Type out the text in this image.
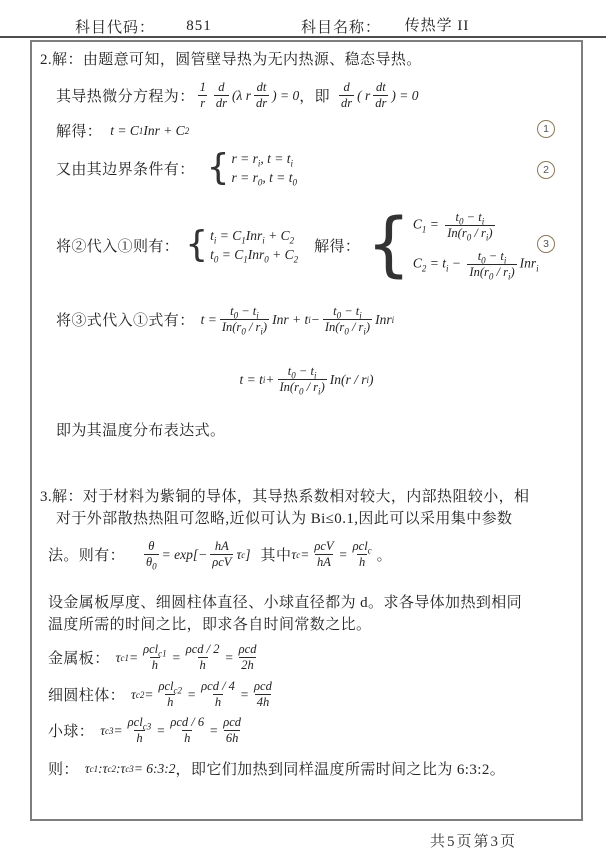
科目代码：	851	科目名称：	传热学 II
2.解：由题意可知，圆管壁导热为无内热源、稳态导热。
其导热微分方程为： $\frac{1}{r} \frac{d}{dr} (\lambda$ r $\frac{dt}{dr}$ ) = 0 ，即 $\frac{d}{dr}$ ( r $\frac{dt}{dr}$ ) = 0
解得： t = C 1 Inr + C 2	1
又由其边界条件有： { $r = r_i$, $t = t_i$
$r = r_0$, $t = t_0$
2
将②代入①则有： { $t_i = C_1Inr_i + C_2$
$t_0 = C_1Inr_0 + C_2$
解得： { $C_1 = \frac{t_0 - t_i}{In(r_0 / r_i)}$
$C_2 = t_i - \frac{t_0 - t_i}{In(r_0 / r_i)} Inr_i$
3
将③式代入①式有： $t = \frac{t_0 - t_i}{In(r_0 / r_i)}$ Inr + t $i - \frac{t_0 - t_i}{In(r_0 / r_i)}$ Inr i
t = t $i + \frac{t_0 - t_i}{In(r_0 / r_i)} In(r / r$ i )
即为其温度分布表达式。
3.解：对于材料为紫铜的导体，其导热系数相对较大，内部热阻较小，相
对于外部散热热阻可忽略,近似可认为 Bi≤0.1,因此可以采用集中参数
法。则有： $\frac{\theta}{\theta_0} = \exp[- \frac{hA}{\text{ρcV}}$ τ c ] 其中 τ $c = \frac{\text{ρcV}}{hA} = \frac{\rho cl_c}{h}$ 。
设金属板厚度、细圆柱体直径、小球直径都为 d。求各导体加热到相同
温度所需的时间之比，即求各自时间常数之比。
金属板： τ $c1 = \frac{\rho cl_{c1}}{h} = \frac{\text{ρcd / 2}}{h} = \frac{\text{ρcd}}{2h}$
细圆柱体： τ $c2 = \frac{\rho cl_{c2}}{h} = \frac{\text{ρcd / 4}}{h} = \frac{\text{ρcd}}{4h}$
小球： τ $c3 = \frac{\rho cl_{c3}}{h} = \frac{\text{ρcd / 6}}{h} = \frac{\text{ρcd}}{6h}$
则： τ c1 :τ c2 :τ c3 = 6:3:2 ，即它们加热到同样温度所需时间之比为 6:3:2。
共5页第3页
